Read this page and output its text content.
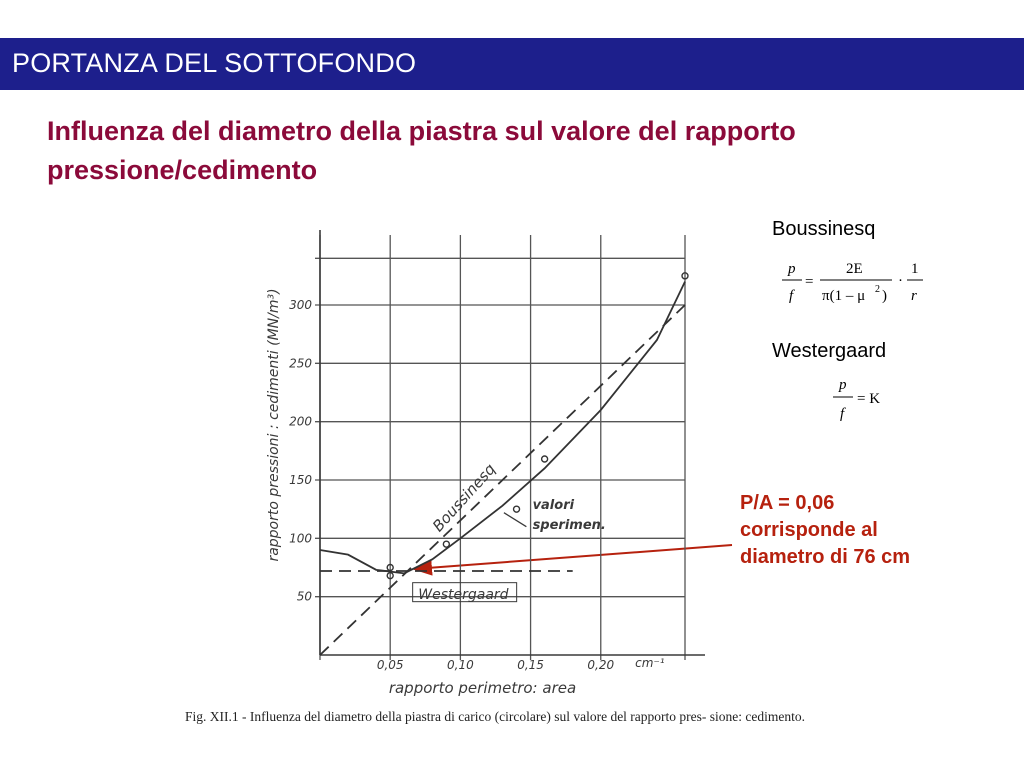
PORTANZA DEL SOTTOFONDO
Influenza del diametro della piastra sul valore del rapporto pressione/cedimento
Boussinesq
p
f
=
2E
π(1 – μ 2 )
·
1
r
Westergaard
p
f
= K
P/A = 0,06
corrisponde al
diametro di 76 cm
0,05	0,10	0,15	0,20 cm⁻¹
50
100
150
200
250
300
rapporto perimetro: area
rapporto pressioni : cedimenti (MN/m³)	Boussinesq	valori
sperimen.
Westergaard
Fig. XII.1 - Influenza del diametro della piastra di carico (circolare) sul valore del rapporto pres- sione: cedimento.
